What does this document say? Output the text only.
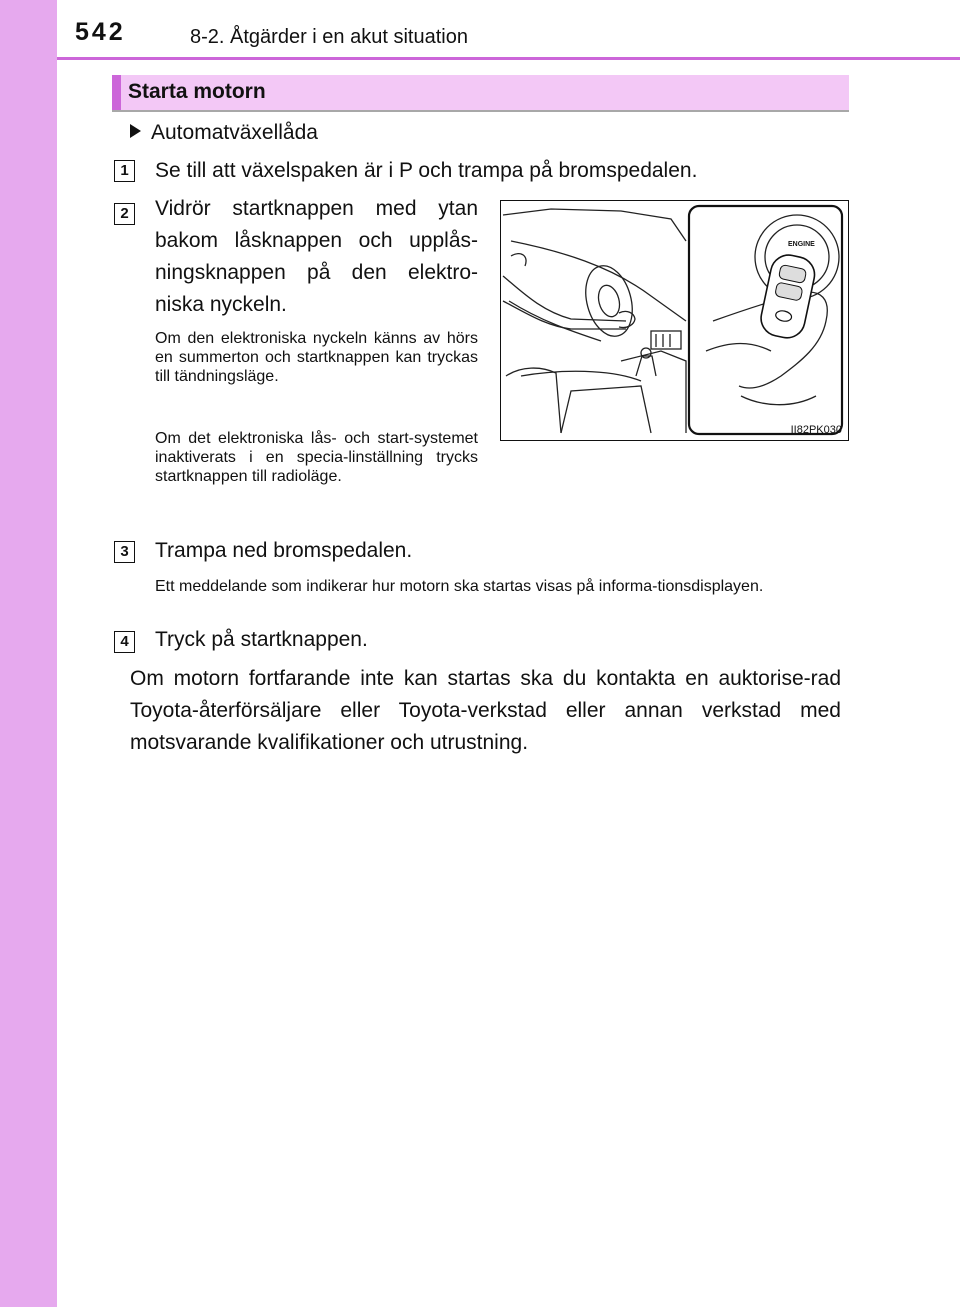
542	8-2. Åtgärder i en akut situation
Starta motorn
Automatväxellåda
1	Se till att växelspaken är i P och trampa på bromspedalen.
2	Vidrör startknappen med ytan bakom låsknappen och upplås-ningsknappen på den elektro-niska nyckeln.
Om den elektroniska nyckeln känns av hörs en summerton och startknappen kan tryckas till tändningsläge.
Om det elektroniska lås- och start-systemet inaktiverats i en specia-linställning trycks startknappen till radioläge.
ENGINE
II82PK030
3	Trampa ned bromspedalen.
Ett meddelande som indikerar hur motorn ska startas visas på informa-tionsdisplayen.
4	Tryck på startknappen.
Om motorn fortfarande inte kan startas ska du kontakta en auktorise-rad Toyota-återförsäljare eller Toyota-verkstad eller annan verkstad med motsvarande kvalifikationer och utrustning.
